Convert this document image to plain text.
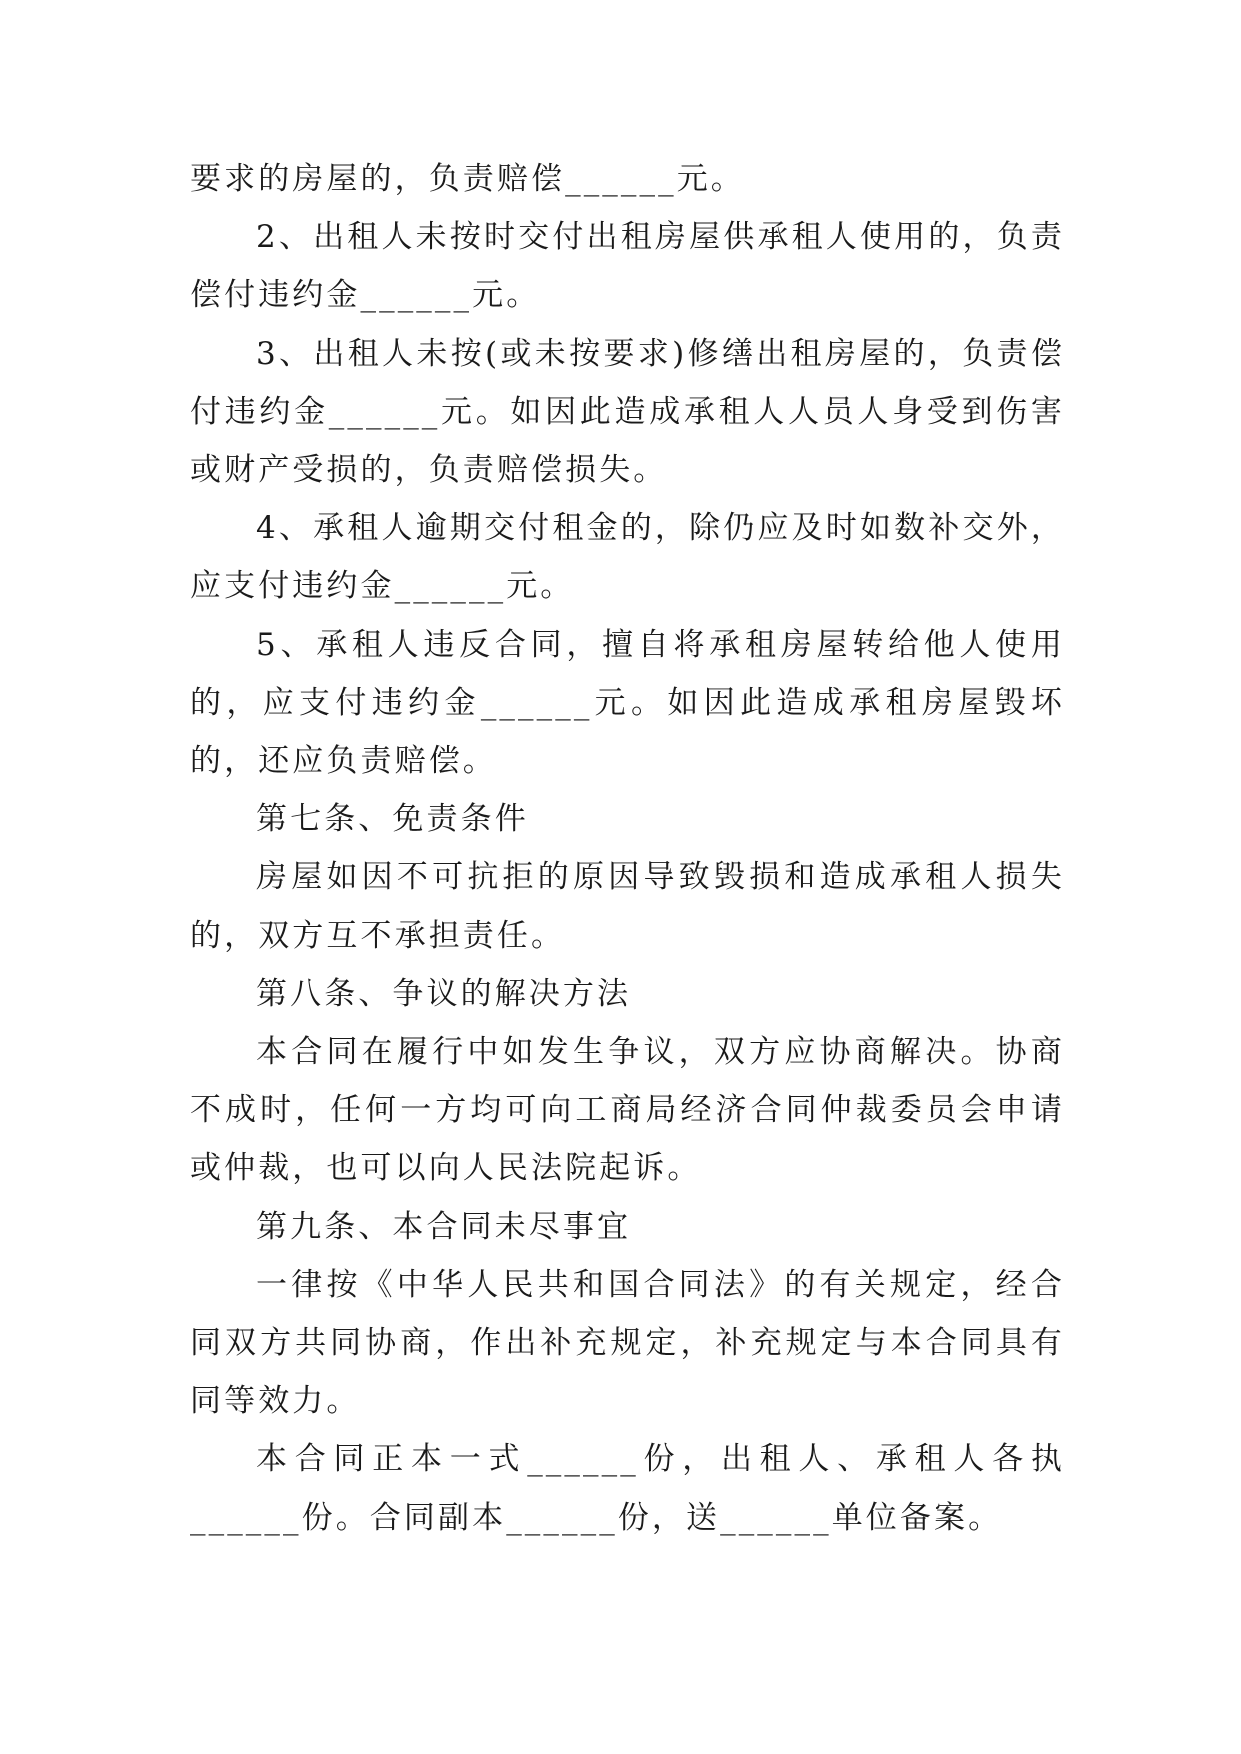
要求的房屋的，负责赔偿______元。

2、出租人未按时交付出租房屋供承租人使用的，负责偿付违约金______元。

3、出租人未按(或未按要求)修缮出租房屋的，负责偿付违约金______元。如因此造成承租人人员人身受到伤害或财产受损的，负责赔偿损失。

4、承租人逾期交付租金的，除仍应及时如数补交外，应支付违约金______元。

5、承租人违反合同，擅自将承租房屋转给他人使用的，应支付违约金______元。如因此造成承租房屋毁坏的，还应负责赔偿。

第七条、免责条件

房屋如因不可抗拒的原因导致毁损和造成承租人损失的，双方互不承担责任。

第八条、争议的解决方法

本合同在履行中如发生争议，双方应协商解决。协商不成时，任何一方均可向工商局经济合同仲裁委员会申请或仲裁，也可以向人民法院起诉。

第九条、本合同未尽事宜

一律按《中华人民共和国合同法》的有关规定，经合同双方共同协商，作出补充规定，补充规定与本合同具有同等效力。

本合同正本一式______份，出租人、承租人各执______份。合同副本______份，送______单位备案。
